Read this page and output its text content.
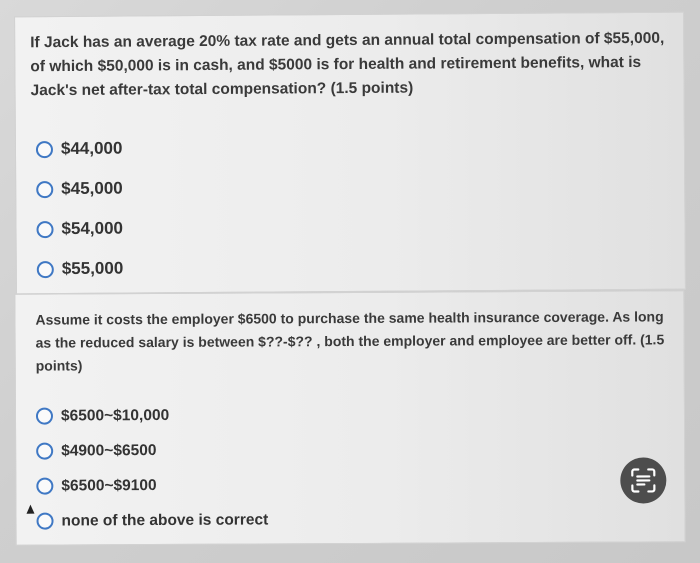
If Jack has an average 20% tax rate and gets an annual total compensation of $55,000, of which $50,000 is in cash, and $5000 is for health and retirement benefits, what is Jack's net after-tax total compensation? (1.5 points)
$44,000
$45,000
$54,000
$55,000
Assume it costs the employer $6500 to purchase the same health insurance coverage. As long as the reduced salary is between $??-$?? , both the employer and employee are better off. (1.5 points)
$6500~$10,000
$4900~$6500
$6500~$9100
none of the above is correct
